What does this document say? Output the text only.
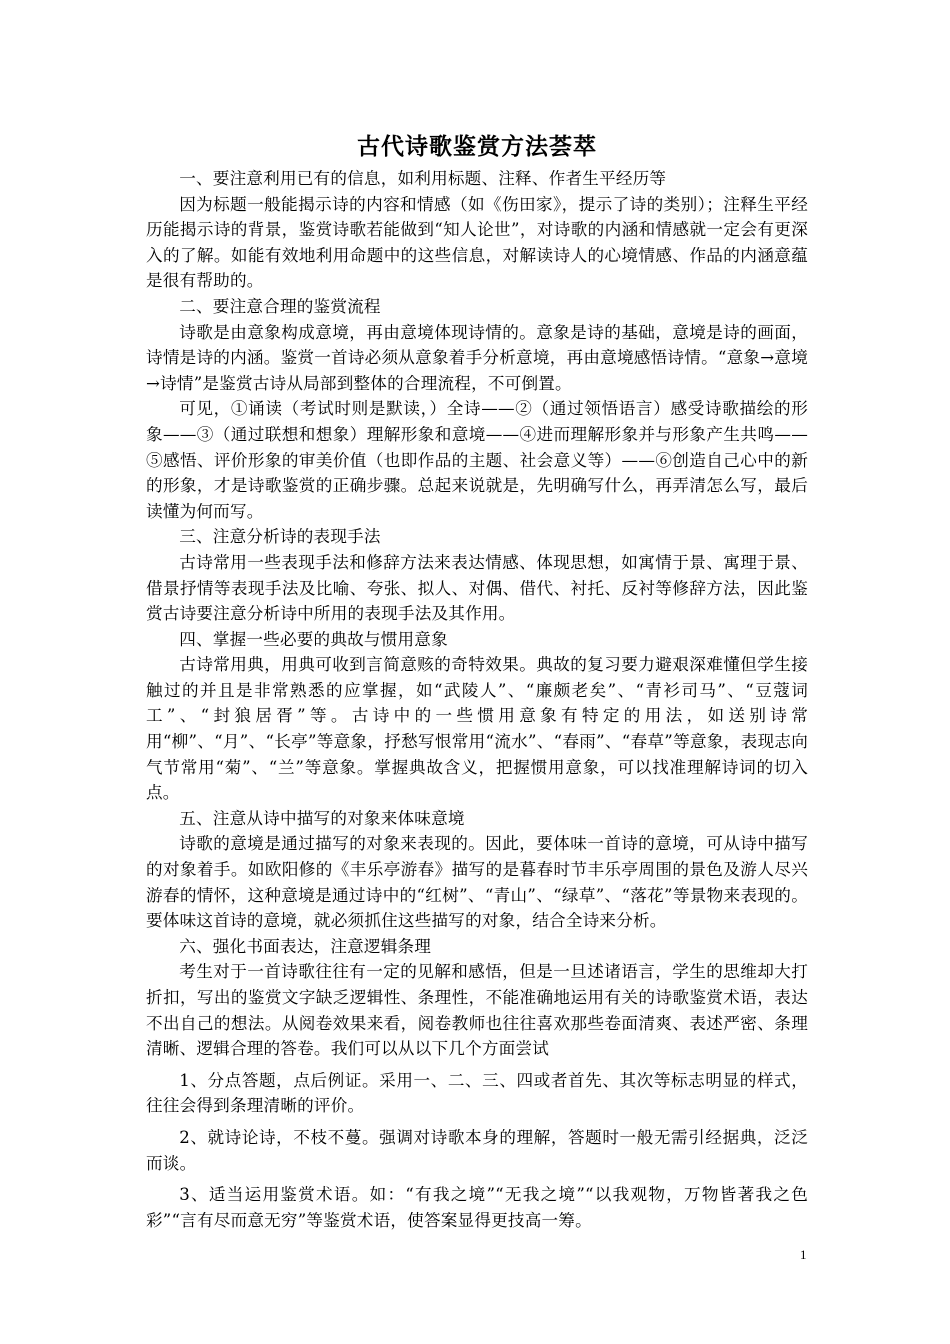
古代诗歌鉴赏方法荟萃

一、要注意利用已有的信息，如利用标题、注释、作者生平经历等

因为标题一般能揭示诗的内容和情感（如《伤田家》，提示了诗的类别）；注释生平经历能揭示诗的背景，鉴赏诗歌若能做到“知人论世”，对诗歌的内涵和情感就一定会有更深入的了解。如能有效地利用命题中的这些信息，对解读诗人的心境情感、作品的内涵意蕴是很有帮助的。

二、要注意合理的鉴赏流程

诗歌是由意象构成意境，再由意境体现诗情的。意象是诗的基础，意境是诗的画面，诗情是诗的内涵。鉴赏一首诗必须从意象着手分析意境，再由意境感悟诗情。“意象→意境→诗情”是鉴赏古诗从局部到整体的合理流程，不可倒置。

可见，①诵读（考试时则是默读，）全诗——②（通过领悟语言）感受诗歌描绘的形象——③（通过联想和想象）理解形象和意境——④进而理解形象并与形象产生共鸣——⑤感悟、评价形象的审美价值（也即作品的主题、社会意义等）——⑥创造自己心中的新的形象，才是诗歌鉴赏的正确步骤。总起来说就是，先明确写什么，再弄清怎么写，最后读懂为何而写。

三、注意分析诗的表现手法

古诗常用一些表现手法和修辞方法来表达情感、体现思想，如寓情于景、寓理于景、借景抒情等表现手法及比喻、夸张、拟人、对偶、借代、衬托、反衬等修辞方法，因此鉴赏古诗要注意分析诗中所用的表现手法及其作用。

四、掌握一些必要的典故与惯用意象

古诗常用典，用典可收到言简意赅的奇特效果。典故的复习要力避艰深难懂但学生接触过的并且是非常熟悉的应掌握，如“武陵人”、“廉颇老矣”、“青衫司马”、“豆蔻词工”、“封狼居胥”等。古诗中的一些惯用意象有特定的用法，如送别诗常用“柳”、“月”、“长亭”等意象，抒愁写恨常用“流水”、“春雨”、“春草”等意象，表现志向气节常用“菊”、“兰”等意象。掌握典故含义，把握惯用意象，可以找准理解诗词的切入点。

五、注意从诗中描写的对象来体味意境

诗歌的意境是通过描写的对象来表现的。因此，要体味一首诗的意境，可从诗中描写的对象着手。如欧阳修的《丰乐亭游春》描写的是暮春时节丰乐亭周围的景色及游人尽兴游春的情怀，这种意境是通过诗中的“红树”、“青山”、“绿草”、“落花”等景物来表现的。要体味这首诗的意境，就必须抓住这些描写的对象，结合全诗来分析。

六、强化书面表达，注意逻辑条理

考生对于一首诗歌往往有一定的见解和感悟，但是一旦述诸语言，学生的思维却大打折扣，写出的鉴赏文字缺乏逻辑性、条理性，不能准确地运用有关的诗歌鉴赏术语，表达不出自己的想法。从阅卷效果来看，阅卷教师也往往喜欢那些卷面清爽、表述严密、条理清晰、逻辑合理的答卷。我们可以从以下几个方面尝试

1、分点答题，点后例证。采用一、二、三、四或者首先、其次等标志明显的样式，往往会得到条理清晰的评价。

2、就诗论诗，不枝不蔓。强调对诗歌本身的理解，答题时一般无需引经据典，泛泛而谈。

3、适当运用鉴赏术语。如：“有我之境”“无我之境”“以我观物，万物皆著我之色彩”“言有尽而意无穷”等鉴赏术语，使答案显得更技高一筹。

1
